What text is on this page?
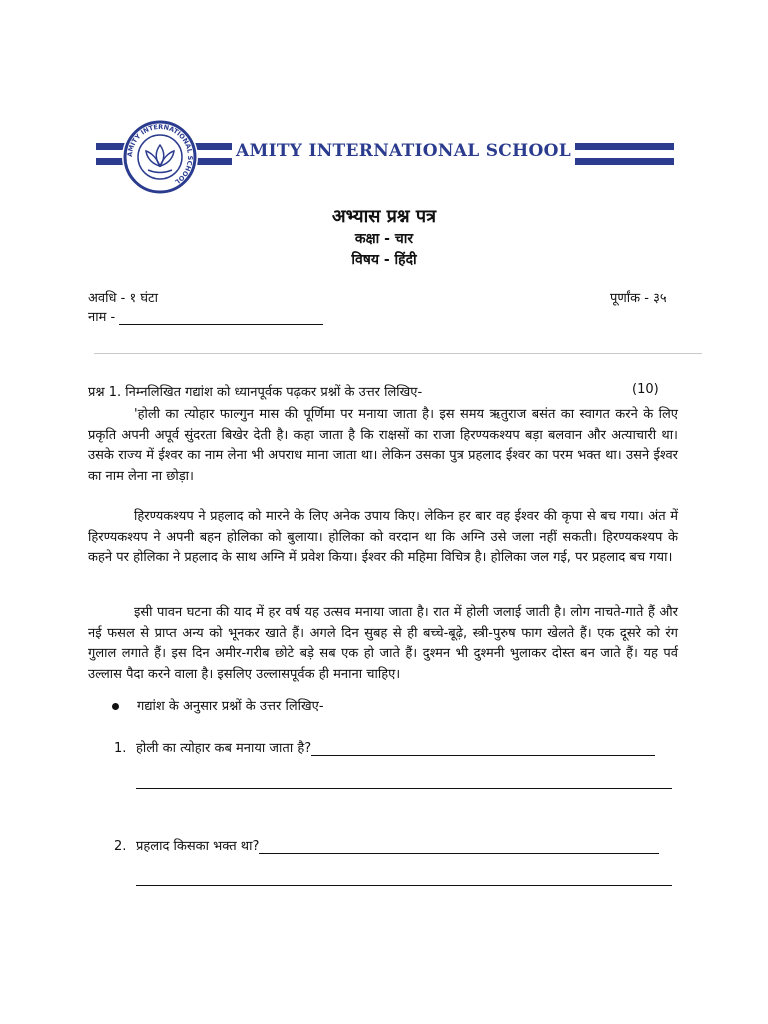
AMITY INTERNATIONAL SCHOOL
AMITY INTERNATIONAL SCHOOL
अभ्यास प्रश्न पत्र
कक्षा - चार
विषय - हिंदी
अवधि - १ घंटा	पूर्णांक - ३५
नाम -
प्रश्न 1. निम्नलिखित गद्यांश को ध्यानपूर्वक पढ़कर प्रश्नों के उत्तर लिखिए-	(10)

'होली का त्योहार फाल्गुन मास की पूर्णिमा पर मनाया जाता है। इस समय ऋतुराज बसंत का स्वागत करने के लिए प्रकृति अपनी अपूर्व सुंदरता बिखेर देती है। कहा जाता है कि राक्षसों का राजा हिरण्यकश्यप बड़ा बलवान और अत्याचारी था। उसके राज्य में ईश्वर का नाम लेना भी अपराध माना जाता था। लेकिन उसका पुत्र प्रहलाद ईश्वर का परम भक्त था। उसने ईश्वर का नाम लेना ना छोड़ा।

हिरण्यकश्यप ने प्रहलाद को मारने के लिए अनेक उपाय किए। लेकिन हर बार वह ईश्वर की कृपा से बच गया। अंत में हिरण्यकश्यप ने अपनी बहन होलिका को बुलाया। होलिका को वरदान था कि अग्नि उसे जला नहीं सकती। हिरण्यकश्यप के कहने पर होलिका ने प्रहलाद के साथ अग्नि में प्रवेश किया। ईश्वर की महिमा विचित्र है। होलिका जल गई, पर प्रहलाद बच गया।

इसी पावन घटना की याद में हर वर्ष यह उत्सव मनाया जाता है। रात में होली जलाई जाती है। लोग नाचते-गाते हैं और नई फसल से प्राप्त अन्य को भूनकर खाते हैं। अगले दिन सुबह से ही बच्चे-बूढ़े, स्त्री-पुरुष फाग खेलते हैं। एक दूसरे को रंग गुलाल लगाते हैं। इस दिन अमीर-गरीब छोटे बड़े सब एक हो जाते हैं। दुश्मन भी दुश्मनी भुलाकर दोस्त बन जाते हैं। यह पर्व उल्लास पैदा करने वाला है। इसलिए उल्लासपूर्वक ही मनाना चाहिए।

गद्यांश के अनुसार प्रश्नों के उत्तर लिखिए-
1. होली का त्योहार कब मनाया जाता है?
2. प्रहलाद किसका भक्त था?
